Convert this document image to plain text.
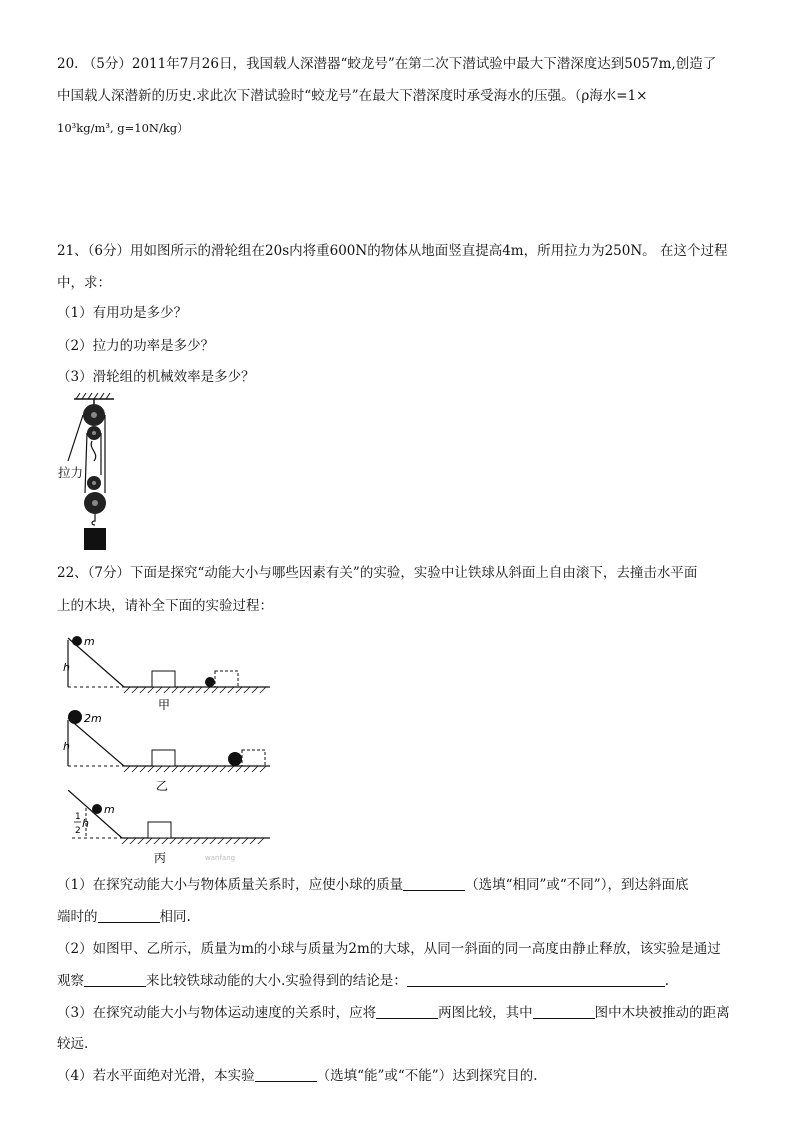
20. （5分）2011年7月26日，我国载人深潜器“蛟龙号”在第二次下潜试验中最大下潜深度达到5057m,创造了
中国载人深潜新的历史.求此次下潜试验时“蛟龙号”在最大下潜深度时承受海水的压强。（ρ海水=1×
10³kg/m³, g=10N/kg）
21、（6分）用如图所示的滑轮组在20s内将重600N的物体从地面竖直提高4m，所用拉力为250N。 在这个过程
中，求：
（1）有用功是多少？
（2）拉力的功率是多少？
（3）滑轮组的机械效率是多少？
拉力
22、（7分）下面是探究“动能大小与哪些因素有关”的实验，实验中让铁球从斜面上自由滚下，去撞击水平面
上的木块，请补全下面的实验过程：
m
h
甲
2m
h
乙
m
1
2
h
丙	wanfang
（1）在探究动能大小与物体质量关系时，应使小球的质量	（选填“相同”或“不同”），到达斜面底
端时的	相同.
（2）如图甲、乙所示，质量为m的小球与质量为2m的大球，从同一斜面的同一高度由静止释放，该实验是通过
观察	来比较铁球动能的大小.实验得到的结论是：	.
（3）在探究动能大小与物体运动速度的关系时，应将	两图比较，其中	图中木块被推动的距离
较远.
（4）若水平面绝对光滑，本实验	（选填“能”或“不能”）达到探究目的.
